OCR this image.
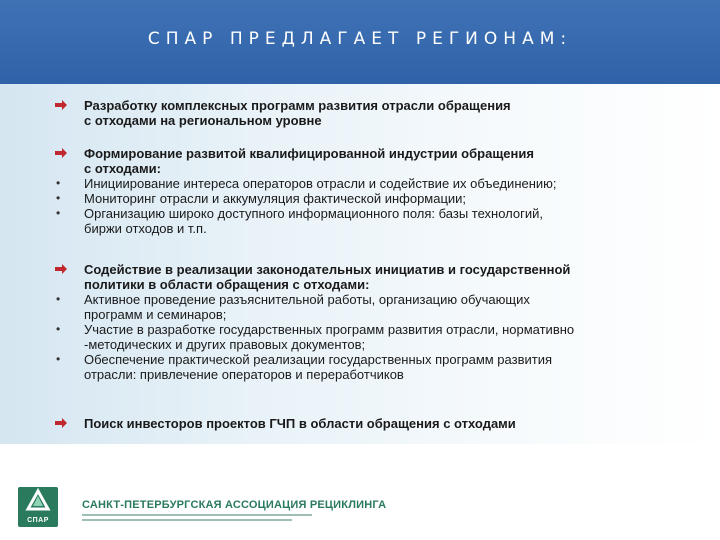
СПАР ПРЕДЛАГАЕТ РЕГИОНАМ:
Разработку комплексных программ развития отрасли обращения
с отходами на региональном уровне
Формирование развитой квалифицированной индустрии обращения
с отходами:
• Инициирование интереса операторов отрасли и содействие их объединению;
• Мониторинг отрасли и аккумуляция фактической информации;
• Организацию широко доступного информационного поля: базы технологий,
биржи отходов и т.п.
Содействие в реализации законодательных инициатив и государственной
политики в области обращения с отходами:
• Активное проведение разъяснительной работы, организацию обучающих
программ и семинаров;
• Участие в разработке государственных программ развития отрасли, нормативно
-методических и других правовых документов;
• Обеспечение практической реализации государственных программ развития
отрасли: привлечение операторов и переработчиков
Поиск инвесторов проектов ГЧП в области обращения с отходами
СПАР
САНКТ-ПЕТЕРБУРГСКАЯ АССОЦИАЦИЯ РЕЦИКЛИНГА
